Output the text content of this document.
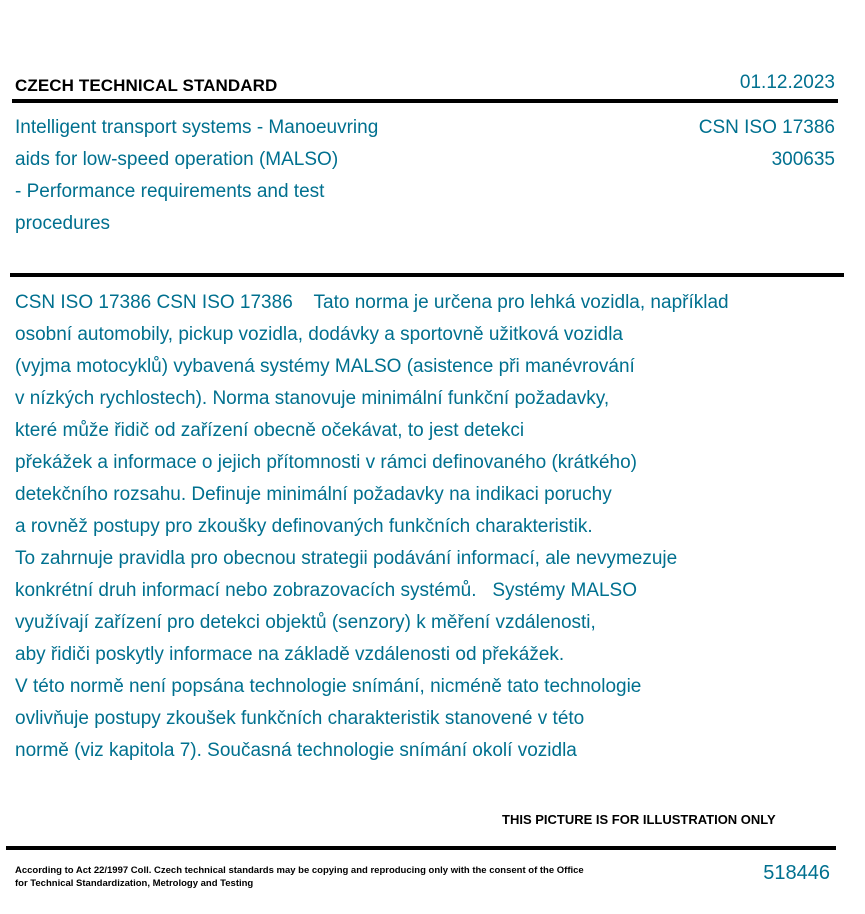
CZECH TECHNICAL STANDARD	01.12.2023
Intelligent transport systems - Manoeuvring
aids for low-speed operation (MALSO)
- Performance requirements and test
procedures
CSN ISO 17386
300635
CSN ISO 17386 CSN ISO 17386    Tato norma je určena pro lehká vozidla, například
osobní automobily, pickup vozidla, dodávky a sportovně užitková vozidla
(vyjma motocyklů) vybavená systémy MALSO (asistence při manévrování
v nízkých rychlostech). Norma stanovuje minimální funkční požadavky,
které může řidič od zařízení obecně očekávat, to jest detekci
překážek a informace o jejich přítomnosti v rámci definovaného (krátkého)
detekčního rozsahu. Definuje minimální požadavky na indikaci poruchy
a rovněž postupy pro zkoušky definovaných funkčních charakteristik.
To zahrnuje pravidla pro obecnou strategii podávání informací, ale nevymezuje
konkrétní druh informací nebo zobrazovacích systémů.   Systémy MALSO
využívají zařízení pro detekci objektů (senzory) k měření vzdálenosti,
aby řidiči poskytly informace na základě vzdálenosti od překážek.
V této normě není popsána technologie snímání, nicméně tato technologie
ovlivňuje postupy zkoušek funkčních charakteristik stanovené v této
normě (viz kapitola 7). Současná technologie snímání okolí vozidla
THIS PICTURE IS FOR ILLUSTRATION ONLY
According to Act 22/1997 Coll. Czech technical standards may be copying and reproducing only with the consent of the Office
for Technical Standardization, Metrology and Testing	518446
